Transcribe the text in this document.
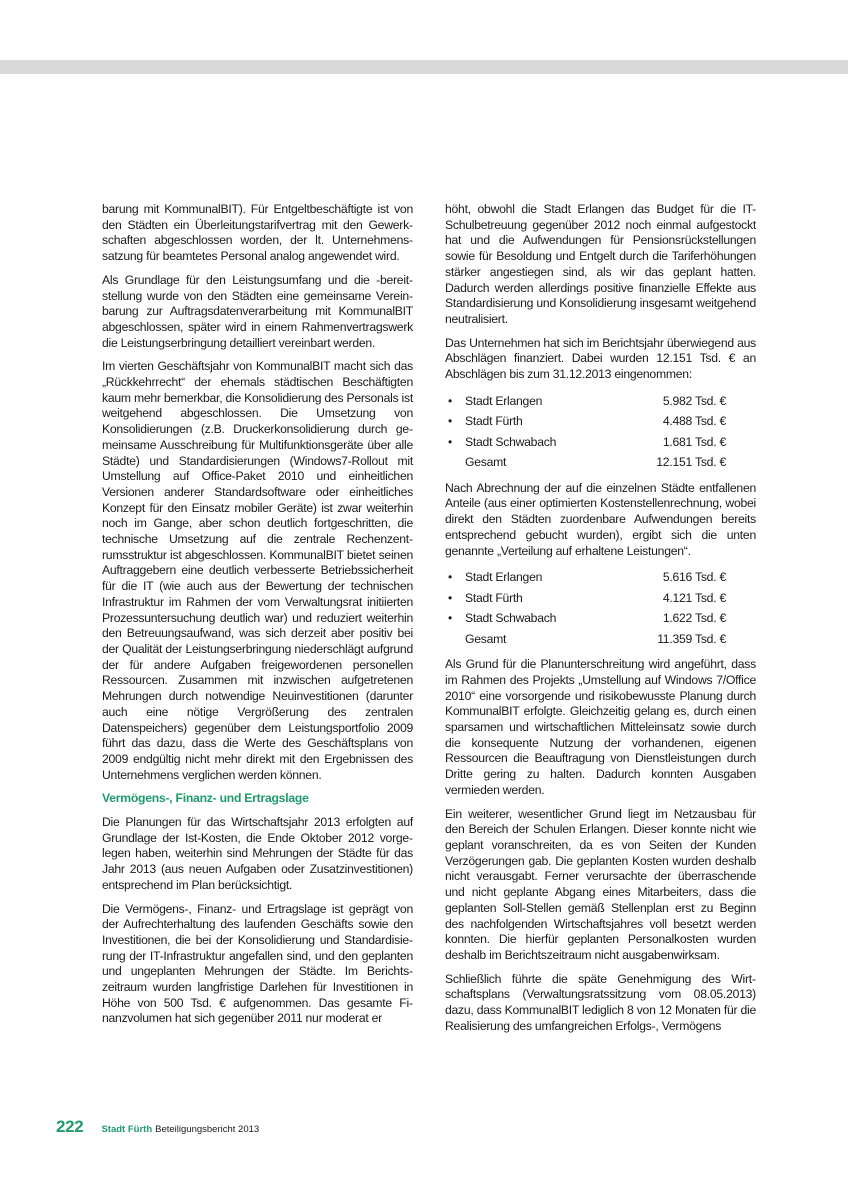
barung mit KommunalBIT). Für Entgeltbeschäftigte ist von den Städten ein Überleitungstarifvertrag mit den Gewerkschaften abgeschlossen worden, der lt. Unternehmenssatzung für beamtetes Personal analog angewendet wird.

Als Grundlage für den Leistungsumfang und die -bereitstellung wurde von den Städten eine gemeinsame Vereinbarung zur Auftragsdatenverarbeitung mit KommunalBIT abgeschlossen, später wird in einem Rahmenvertragswerk die Leistungserbringung detailliert vereinbart werden.

Im vierten Geschäftsjahr von KommunalBIT macht sich das „Rückkehrrecht“ der ehemals städtischen Beschäftigten kaum mehr bemerkbar, die Konsolidierung des Personals ist weitgehend abgeschlossen. Die Umsetzung von Konsolidierungen (z.B. Druckerkonsolidierung durch gemeinsame Ausschreibung für Multifunktionsgeräte über alle Städte) und Standardisierungen (Windows7-Rollout mit Umstellung auf Office-Paket 2010 und einheitlichen Versionen anderer Standardsoftware oder einheitliches Konzept für den Einsatz mobiler Geräte) ist zwar weiterhin noch im Gange, aber schon deutlich fortgeschritten, die technische Umsetzung auf die zentrale Rechenzentrumsstruktur ist abgeschlossen. KommunalBIT bietet seinen Auftraggebern eine deutlich verbesserte Betriebssicherheit für die IT (wie auch aus der Bewertung der technischen Infrastruktur im Rahmen der vom Verwaltungsrat initiierten Prozessuntersuchung deutlich war) und reduziert weiterhin den Betreuungsaufwand, was sich derzeit aber positiv bei der Qualität der Leistungserbringung niederschlägt aufgrund der für andere Aufgaben freigewordenen personellen Ressourcen. Zusammen mit inzwischen aufgetretenen Mehrungen durch notwendige Neuinvestitionen (darunter auch eine nötige Vergrößerung des zentralen Datenspeichers) gegenüber dem Leistungsportfolio 2009 führt das dazu, dass die Werte des Geschäftsplans von 2009 endgültig nicht mehr direkt mit den Ergebnissen des Unternehmens verglichen werden können.

Vermögens-, Finanz- und Ertragslage

Die Planungen für das Wirtschaftsjahr 2013 erfolgten auf Grundlage der Ist-Kosten, die Ende Oktober 2012 vorgelegen haben, weiterhin sind Mehrungen der Städte für das Jahr 2013 (aus neuen Aufgaben oder Zusatzinvestitionen) entsprechend im Plan berücksichtigt.

Die Vermögens-, Finanz- und Ertragslage ist geprägt von der Aufrechterhaltung des laufenden Geschäfts sowie den Investitionen, die bei der Konsolidierung und Standardisierung der IT-Infrastruktur angefallen sind, und den geplanten und ungeplanten Mehrungen der Städte. Im Berichtszeitraum wurden langfristige Darlehen für Investitionen in Höhe von 500 Tsd. € aufgenommen. Das gesamte Finanzvolumen hat sich gegenüber 2011 nur moderat er

höht, obwohl die Stadt Erlangen das Budget für die IT-Schulbetreuung gegenüber 2012 noch einmal aufgestockt hat und die Aufwendungen für Pensionsrückstellungen sowie für Besoldung und Entgelt durch die Tariferhöhungen stärker angestiegen sind, als wir das geplant hatten. Dadurch werden allerdings positive finanzielle Effekte aus Standardisierung und Konsolidierung insgesamt weitgehend neutralisiert.

Das Unternehmen hat sich im Berichtsjahr überwiegend aus Abschlägen finanziert. Dabei wurden 12.151 Tsd. € an Abschlägen bis zum 31.12.2013 eingenommen:

•	Stadt Erlangen	5.982 Tsd. €
•	Stadt Fürth	4.488 Tsd. €
•	Stadt Schwabach	1.681 Tsd. €
Gesamt	12.151 Tsd. €

Nach Abrechnung der auf die einzelnen Städte entfallenen Anteile (aus einer optimierten Kostenstellenrechnung, wobei direkt den Städten zuordenbare Aufwendungen bereits entsprechend gebucht wurden), ergibt sich die unten genannte „Verteilung auf erhaltene Leistungen“.

•	Stadt Erlangen	5.616 Tsd. €
•	Stadt Fürth	4.121 Tsd. €
•	Stadt Schwabach	1.622 Tsd. €
Gesamt	11.359 Tsd. €

Als Grund für die Planunterschreitung wird angeführt, dass im Rahmen des Projekts „Umstellung auf Windows 7/Office 2010“ eine vorsorgende und risikobewusste Planung durch KommunalBIT erfolgte. Gleichzeitig gelang es, durch einen sparsamen und wirtschaftlichen Mitteleinsatz sowie durch die konsequente Nutzung der vorhandenen, eigenen Ressourcen die Beauftragung von Dienstleistungen durch Dritte gering zu halten. Dadurch konnten Ausgaben vermieden werden.

Ein weiterer, wesentlicher Grund liegt im Netzausbau für den Bereich der Schulen Erlangen. Dieser konnte nicht wie geplant voranschreiten, da es von Seiten der Kunden Verzögerungen gab. Die geplanten Kosten wurden deshalb nicht verausgabt. Ferner verursachte der überraschende und nicht geplante Abgang eines Mitarbeiters, dass die geplanten Soll-Stellen gemäß Stellenplan erst zu Beginn des nachfolgenden Wirtschaftsjahres voll besetzt werden konnten. Die hierfür geplanten Personalkosten wurden deshalb im Berichtszeitraum nicht ausgabenwirksam.

Schließlich führte die späte Genehmigung des Wirtschaftsplans (Verwaltungsratssitzung vom 08.05.2013) dazu, dass KommunalBIT lediglich 8 von 12 Monaten für die Realisierung des umfangreichen Erfolgs-, Vermögens

222 Stadt Fürth Beteiligungsbericht 2013
